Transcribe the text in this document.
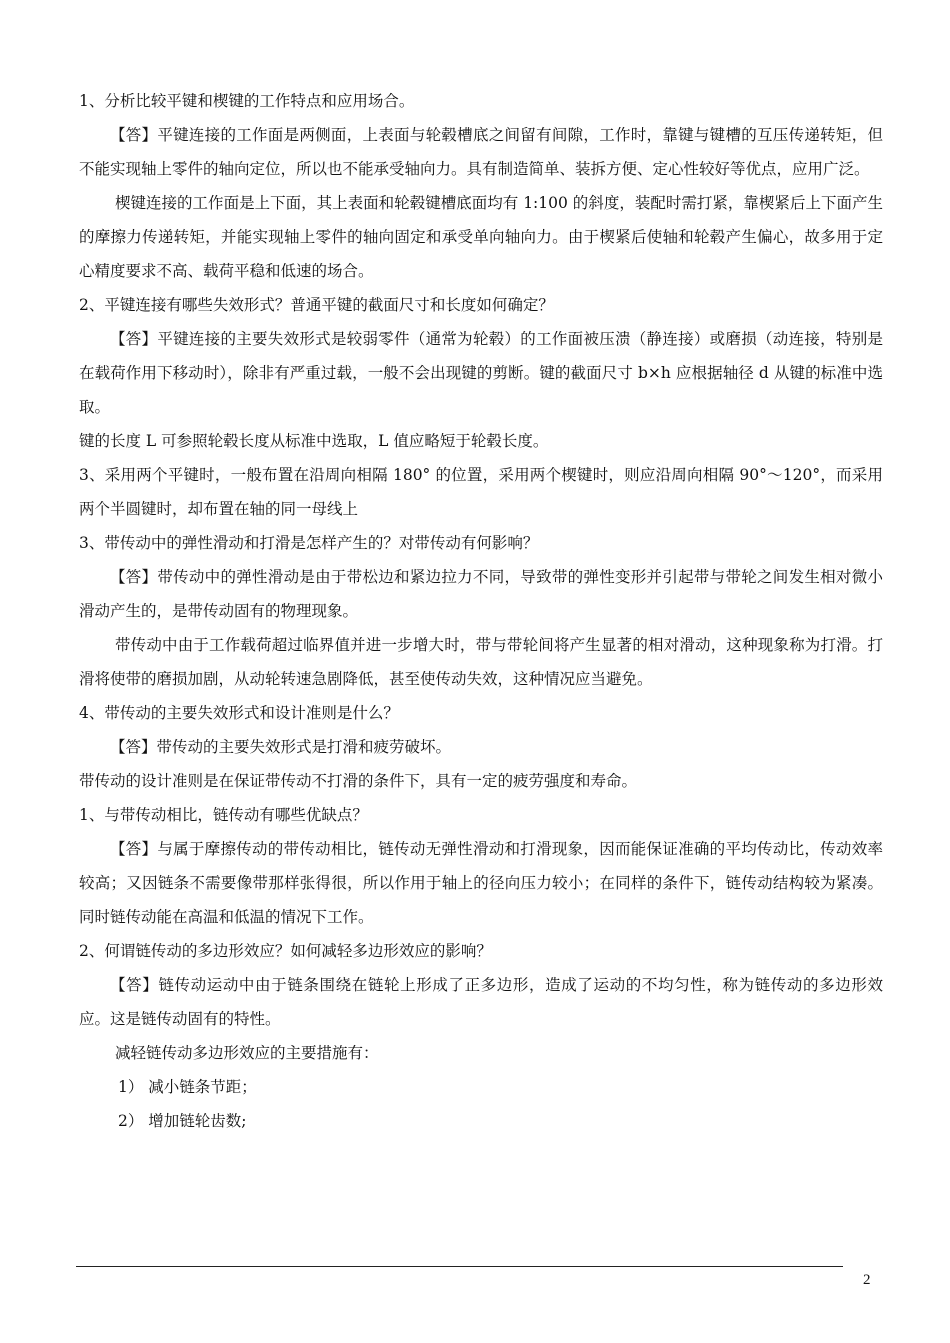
1、分析比较平键和楔键的工作特点和应用场合。

【答】平键连接的工作面是两侧面，上表面与轮毂槽底之间留有间隙，工作时，靠键与键槽的互压传递转矩，但不能实现轴上零件的轴向定位，所以也不能承受轴向力。具有制造简单、装拆方便、定心性较好等优点，应用广泛。

楔键连接的工作面是上下面，其上表面和轮毂键槽底面均有 1:100 的斜度，装配时需打紧，靠楔紧后上下面产生的摩擦力传递转矩，并能实现轴上零件的轴向固定和承受单向轴向力。由于楔紧后使轴和轮毂产生偏心，故多用于定心精度要求不高、载荷平稳和低速的场合。

2、平键连接有哪些失效形式？普通平键的截面尺寸和长度如何确定？

【答】平键连接的主要失效形式是较弱零件（通常为轮毂）的工作面被压溃（静连接）或磨损（动连接，特别是在载荷作用下移动时），除非有严重过载，一般不会出现键的剪断。键的截面尺寸 b×h 应根据轴径 d 从键的标准中选取。

键的长度 L 可参照轮毂长度从标准中选取，L 值应略短于轮毂长度。

3、采用两个平键时，一般布置在沿周向相隔 180° 的位置，采用两个楔键时，则应沿周向相隔 90°～120°，而采用两个半圆键时，却布置在轴的同一母线上

3、带传动中的弹性滑动和打滑是怎样产生的？对带传动有何影响？

【答】带传动中的弹性滑动是由于带松边和紧边拉力不同，导致带的弹性变形并引起带与带轮之间发生相对微小滑动产生的，是带传动固有的物理现象。

带传动中由于工作载荷超过临界值并进一步增大时，带与带轮间将产生显著的相对滑动，这种现象称为打滑。打滑将使带的磨损加剧，从动轮转速急剧降低，甚至使传动失效，这种情况应当避免。

4、带传动的主要失效形式和设计准则是什么？

【答】带传动的主要失效形式是打滑和疲劳破坏。

带传动的设计准则是在保证带传动不打滑的条件下，具有一定的疲劳强度和寿命。

1、与带传动相比，链传动有哪些优缺点？

【答】与属于摩擦传动的带传动相比，链传动无弹性滑动和打滑现象，因而能保证准确的平均传动比，传动效率较高；又因链条不需要像带那样张得很，所以作用于轴上的径向压力较小；在同样的条件下，链传动结构较为紧凑。同时链传动能在高温和低温的情况下工作。

2、何谓链传动的多边形效应？如何减轻多边形效应的影响？

【答】链传动运动中由于链条围绕在链轮上形成了正多边形，造成了运动的不均匀性，称为链传动的多边形效应。这是链传动固有的特性。

减轻链传动多边形效应的主要措施有：

1） 减小链条节距；

2） 增加链轮齿数;

2
